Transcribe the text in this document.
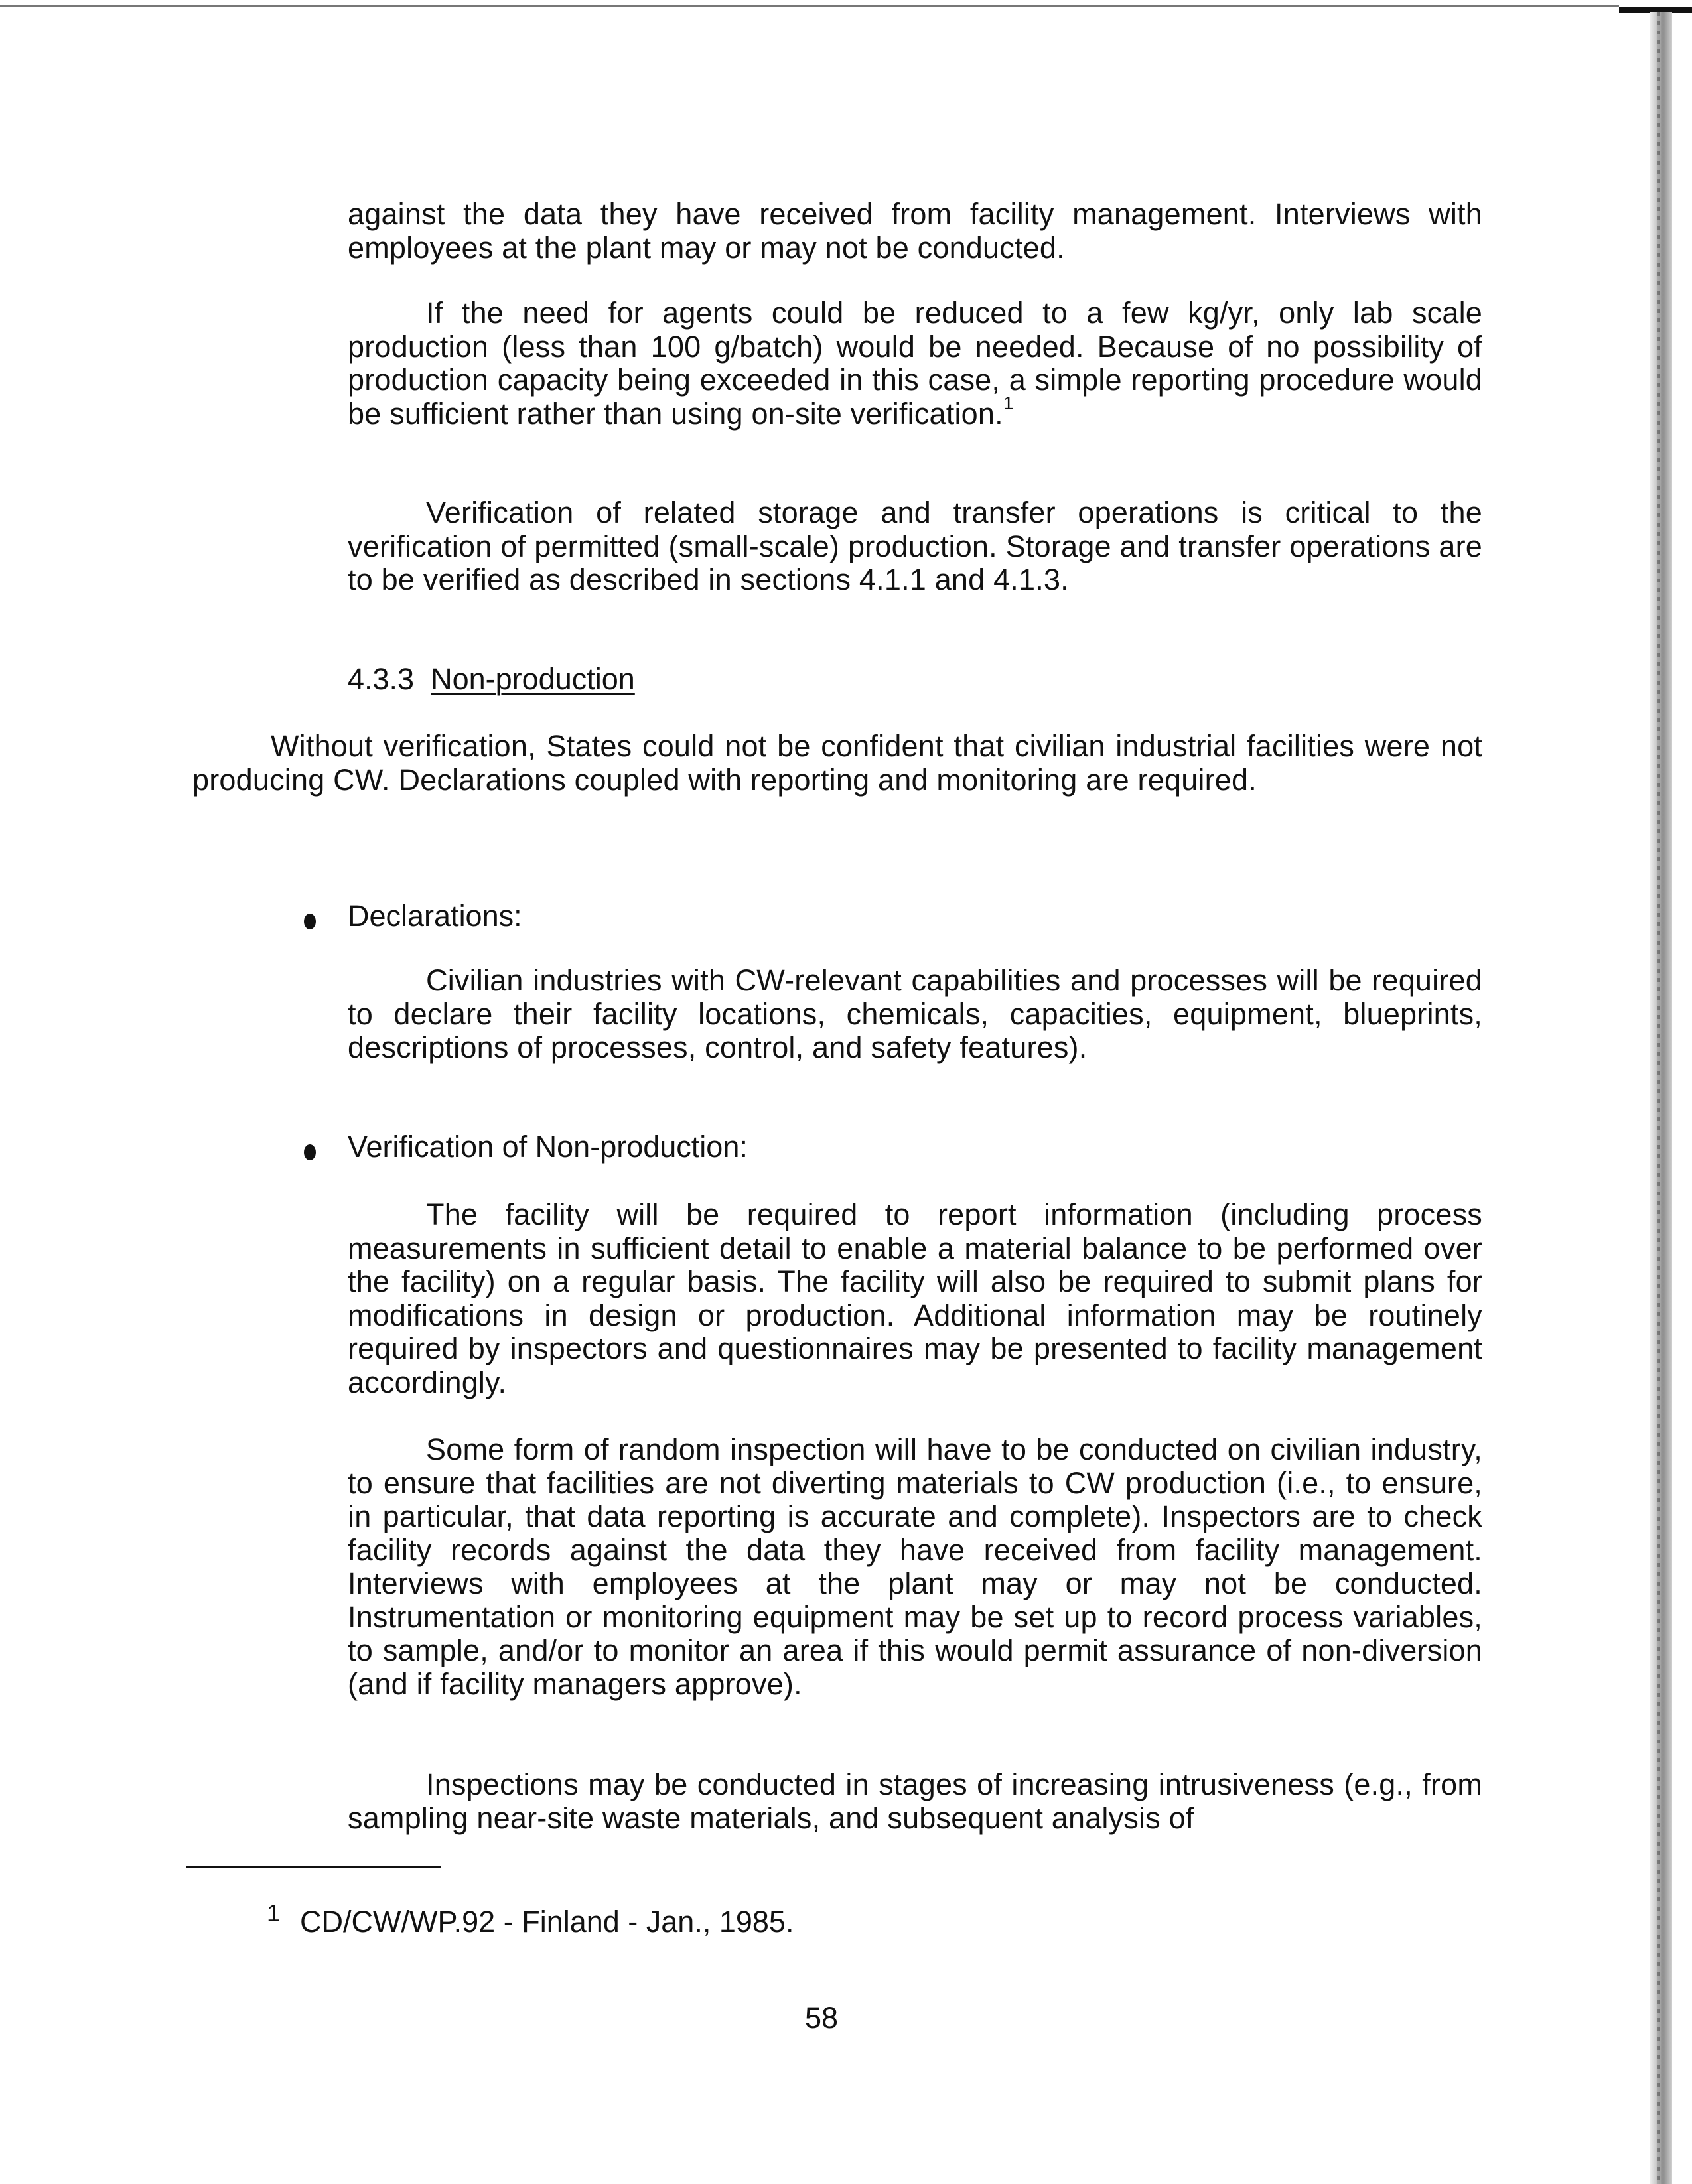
against the data they have received from facility management. Interviews with employees at the plant may or may not be conducted.

If the need for agents could be reduced to a few kg/yr, only lab scale production (less than 100 g/batch) would be needed. Because of no possibility of production capacity being exceeded in this case, a simple reporting procedure would be sufficient rather than using on-site verification.$^1$

Verification of related storage and transfer operations is critical to the verification of permitted (small-scale) production. Storage and transfer operations are to be verified as described in sections 4.1.1 and 4.1.3.

4.3.3 Non-production

Without verification, States could not be confident that civilian industrial facilities were not producing CW. Declarations coupled with reporting and monitoring are required.

Declarations:

Civilian industries with CW-relevant capabilities and processes will be required to declare their facility locations, chemicals, capacities, equipment, blueprints, descriptions of processes, control, and safety features).

Verification of Non-production:

The facility will be required to report information (including process measurements in sufficient detail to enable a material balance to be performed over the facility) on a regular basis. The facility will also be required to submit plans for modifications in design or production. Additional information may be routinely required by inspectors and questionnaires may be presented to facility management accordingly.

Some form of random inspection will have to be conducted on civilian industry, to ensure that facilities are not diverting materials to CW production (i.e., to ensure, in particular, that data reporting is accurate and complete). Inspectors are to check facility records against the data they have received from facility management. Interviews with employees at the plant may or may not be conducted. Instrumentation or monitoring equipment may be set up to record process variables, to sample, and/or to monitor an area if this would permit assurance of non-diversion (and if facility managers approve).

Inspections may be conducted in stages of increasing intrusiveness (e.g., from sampling near-site waste materials, and subsequent analysis of

1 CD/CW/WP.92 - Finland - Jan., 1985.

58
